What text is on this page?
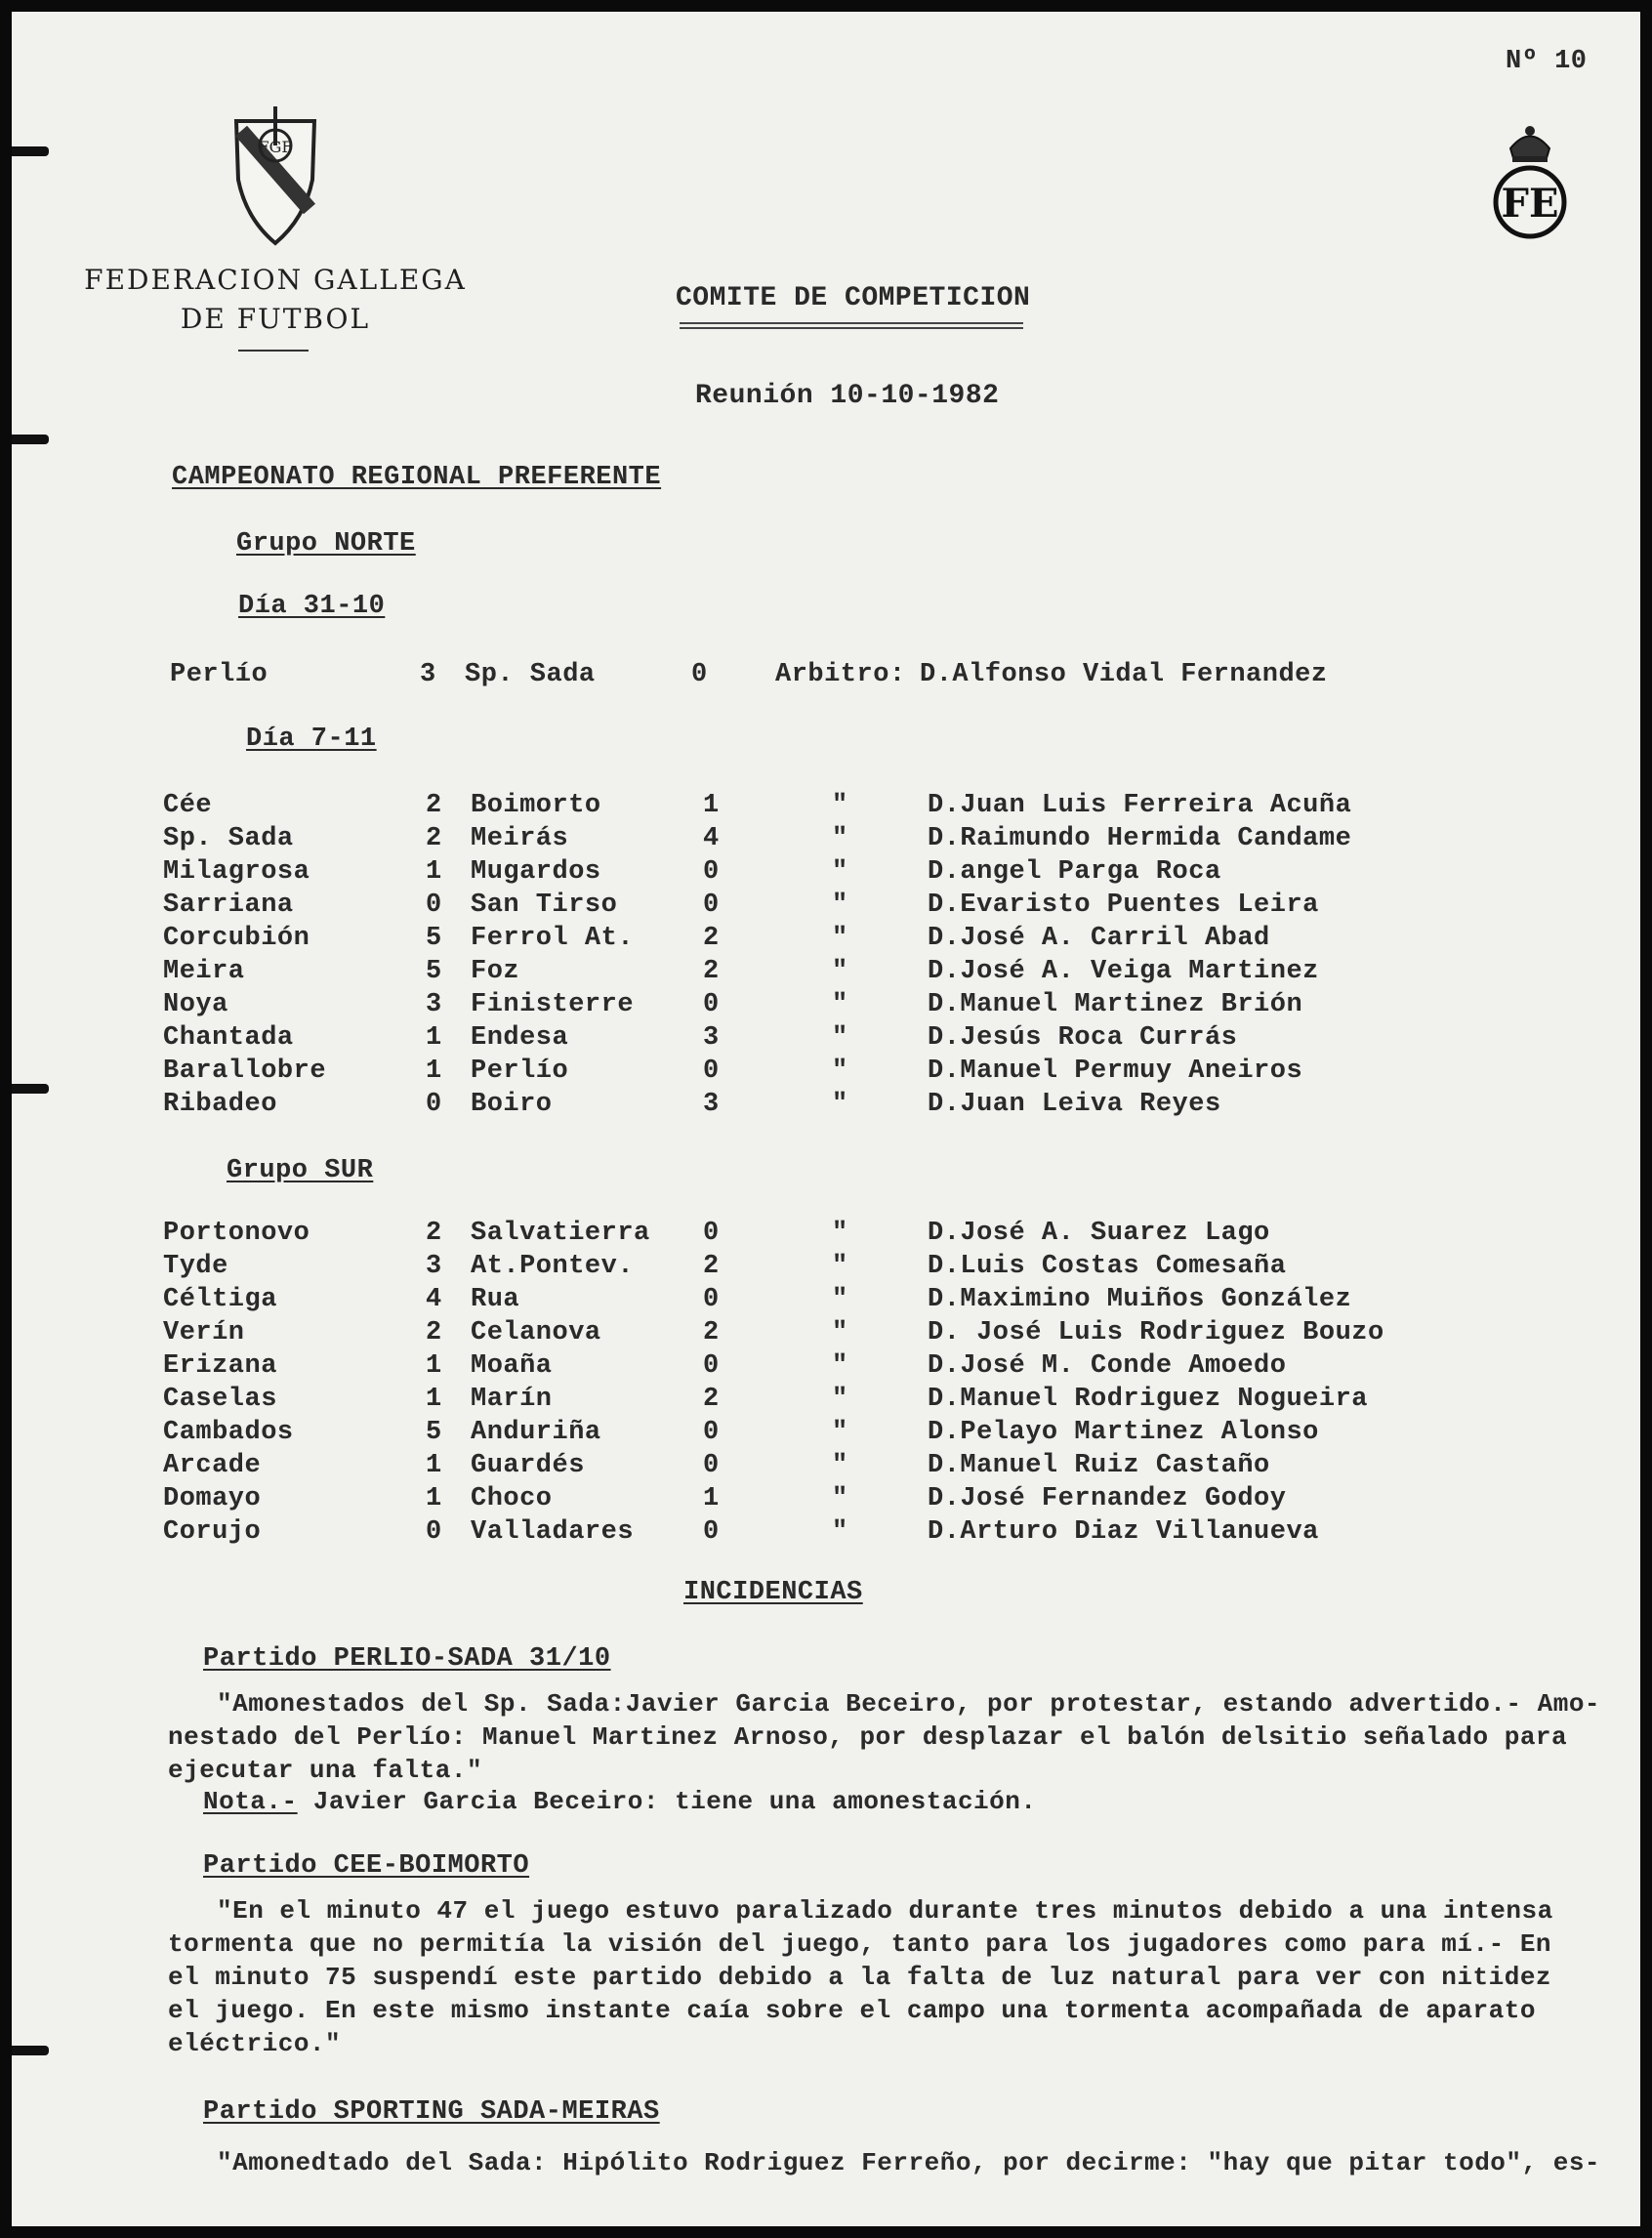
Nº 10
FGF
FEDERACION GALLEGA
DE FUTBOL
FE
COMITE DE COMPETICION
Reunión 10-10-1982
CAMPEONATO REGIONAL PREFERENTE
Grupo NORTE
Día 31-10
Perlío	3 Sp. Sada	0	Arbitro: D.Alfonso Vidal Fernandez
Día 7-11
Cée	2 Boimorto	1	"	D.Juan Luis Ferreira Acuña
Sp. Sada	2 Meirás	4	"	D.Raimundo Hermida Candame
Milagrosa	1 Mugardos	0	"	D.angel Parga Roca
Sarriana	0 San Tirso	0	"	D.Evaristo Puentes Leira
Corcubión	5 Ferrol At.	2	"	D.José A. Carril Abad
Meira	5 Foz	2	"	D.José A. Veiga Martinez
Noya	3 Finisterre	0	"	D.Manuel Martinez Brión
Chantada	1 Endesa	3	"	D.Jesús Roca Currás
Barallobre	1 Perlío	0	"	D.Manuel Permuy Aneiros
Ribadeo	0 Boiro	3	"	D.Juan Leiva Reyes
Grupo SUR
Portonovo	2 Salvatierra 0	"	D.José A. Suarez Lago
Tyde	3 At.Pontev.	2	"	D.Luis Costas Comesaña
Céltiga	4 Rua	0	"	D.Maximino Muiños González
Verín	2 Celanova	2	"	D. José Luis Rodriguez Bouzo
Erizana	1 Moaña	0	"	D.José M. Conde Amoedo
Caselas	1 Marín	2	"	D.Manuel Rodriguez Nogueira
Cambados	5 Anduriña	0	"	D.Pelayo Martinez Alonso
Arcade	1 Guardés	0	"	D.Manuel Ruiz Castaño
Domayo	1 Choco	1	"	D.José Fernandez Godoy
Corujo	0 Valladares	0	"	D.Arturo Diaz Villanueva
INCIDENCIAS
Partido PERLIO-SADA 31/10
"Amonestados del Sp. Sada:Javier Garcia Beceiro, por protestar, estando advertido.- Amo-
nestado del Perlío: Manuel Martinez Arnoso, por desplazar el balón delsitio señalado para
ejecutar una falta."
Nota.- Javier Garcia Beceiro: tiene una amonestación.
Partido CEE-BOIMORTO
"En el minuto 47 el juego estuvo paralizado durante tres minutos debido a una intensa
tormenta que no permitía la visión del juego, tanto para los jugadores como para mí.- En
el minuto 75 suspendí este partido debido a la falta de luz natural para ver con nitidez
el juego. En este mismo instante caía sobre el campo una tormenta acompañada de aparato
eléctrico."
Partido SPORTING SADA-MEIRAS
"Amonedtado del Sada: Hipólito Rodriguez Ferreño, por decirme: "hay que pitar todo", es-
